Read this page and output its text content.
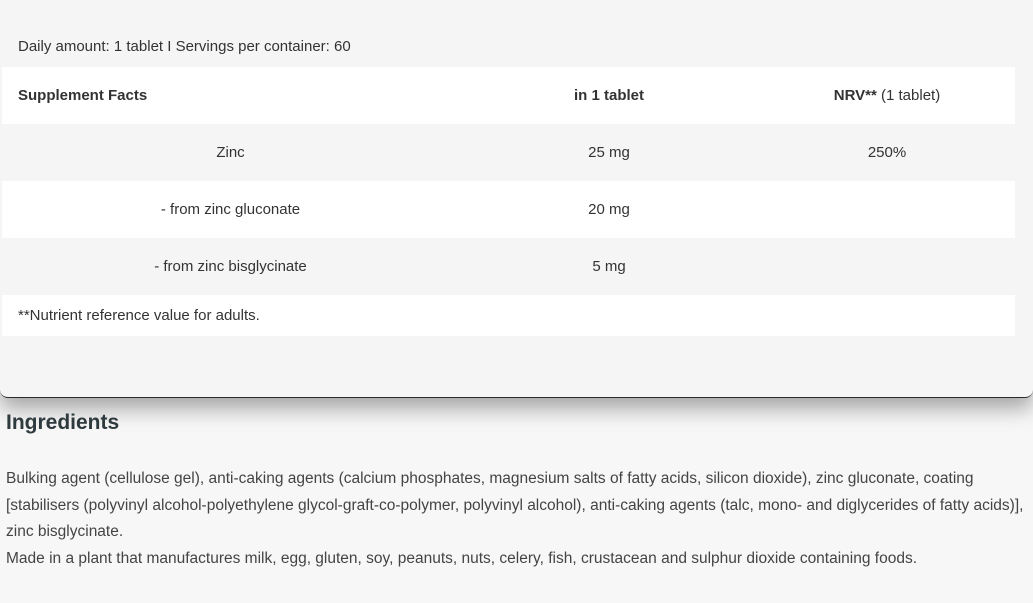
Daily amount: 1 tablet I Servings per container: 60
Supplement Facts	in 1 tablet	NRV** (1 tablet)
Zinc	25 mg	250%
- from zinc gluconate	20 mg
- from zinc bisglycinate	5 mg
**Nutrient reference value for adults.
Ingredients

Bulking agent (cellulose gel), anti-caking agents (calcium phosphates, magnesium salts of fatty acids, silicon dioxide), zinc gluconate, coating [stabilisers (polyvinyl alcohol-polyethylene glycol-graft-co-polymer, polyvinyl alcohol), anti-caking agents (talc, mono- and diglycerides of fatty acids)], zinc bisglycinate.

Made in a plant that manufactures milk, egg, gluten, soy, peanuts, nuts, celery, fish, crustacean and sulphur dioxide containing foods.
